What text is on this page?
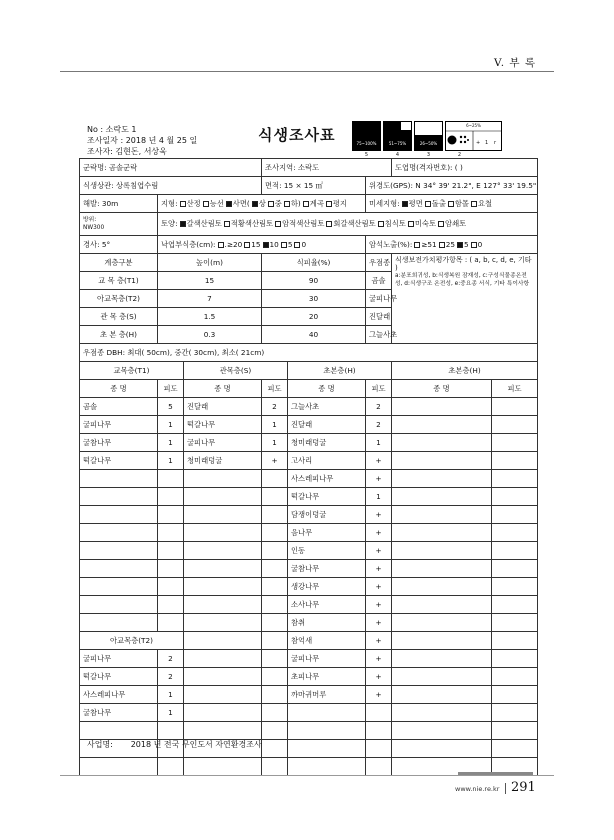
V. 부 록
No : 소락도 1
조사일자 : 2018 년 4 월 25 일
조사자: 김현돈, 서상욱
식생조사표	75~100%	51~75%	26~50%
6~25%
+ 1 r
5	4	3	2
군락명: 곰솔군락			조사지역: 소락도			도엽명(격자번호): ( )	
식생상관: 상록침엽수림			면적: 15 × 15 ㎡		위경도(GPS): N 34° 39' 21.2", E 127° 33' 19.5"		
해발: 30m	지형: 산정 능선 사면( 상 중 하) 계곡 평지				미세지형: 평면 돌출 함몰 요철		

방위:
NW300	토양: 갈색산림토 적황색산림토 암적색산림토 회갈색산림토 침식토 미숙토 암쇄토						
경사: 5°	낙엽부식층(cm): .≥20 15 10 5 0				암석노출(%): ≥51 25 5 0		
계층구분	높이(m)		식피율(%)		우점종	식생보전가치평가항목 : ( a, b, c, d, e, 기타 )
a:분포희귀성, b:식생복원 잠재성, c:구성식물종온전성, d:식생구조 온전성, e:중요종 서식, 기타 특이사항	

교 목 층(T1)	15		90		곰솔		
아교목층(T2)	7		30		굴피나무		
관 목 층(S)	1.5		20		진달래		
초 본 층(H)	0.3		40		그늘사초		
우점종 DBH: 최대( 50cm), 중간( 30cm), 최소( 21cm)							
교목층(T1)		관목층(S)		초본층(H)		초본층(H)	
종 명	피도	종 명	피도	종 명	피도	종 명	피도
곰솔	5	진달래	2	그늘사초	2		
굴피나무	1	떡갈나무	1	진달래	2		
굴참나무	1	굴피나무	1	청미래덩굴	1		
떡갈나무	1	청미래덩굴	+	고사리	+		
				사스레피나무	+		
				떡갈나무	1		
				담쟁이덩굴	+		
				음나무	+		
				인동	+		
				굴참나무	+		
				생강나무	+		
				소사나무	+		
				참취	+		
아교목층(T2)				참억새	+		
굴피나무	2			굴피나무	+		
떡갈나무	2			초피나무	+		
사스레피나무	1			까마귀머루	+		
굴참나무	1						

사업명: 2018 년 전국 무인도서 자연환경조사
www.nie.re.kr 291
